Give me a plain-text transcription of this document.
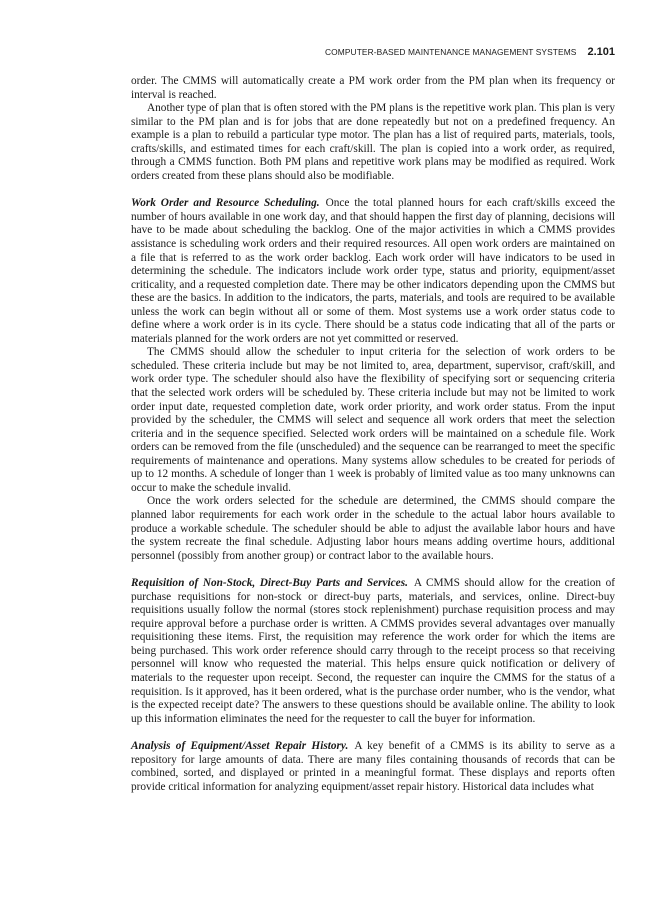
COMPUTER-BASED MAINTENANCE MANAGEMENT SYSTEMS 2.101

order. The CMMS will automatically create a PM work order from the PM plan when its frequency or interval is reached.

Another type of plan that is often stored with the PM plans is the repetitive work plan. This plan is very similar to the PM plan and is for jobs that are done repeatedly but not on a predefined frequency. An example is a plan to rebuild a particular type motor. The plan has a list of required parts, materials, tools, crafts/skills, and estimated times for each craft/skill. The plan is copied into a work order, as required, through a CMMS function. Both PM plans and repetitive work plans may be modified as required. Work orders created from these plans should also be modifiable.

Work Order and Resource Scheduling. Once the total planned hours for each craft/skills exceed the number of hours available in one work day, and that should happen the first day of planning, decisions will have to be made about scheduling the backlog. One of the major activities in which a CMMS provides assistance is scheduling work orders and their required resources. All open work orders are maintained on a file that is referred to as the work order backlog. Each work order will have indicators to be used in determining the schedule. The indicators include work order type, status and priority, equipment/asset criticality, and a requested completion date. There may be other indicators depending upon the CMMS but these are the basics. In addition to the indicators, the parts, materials, and tools are required to be available unless the work can begin without all or some of them. Most systems use a work order status code to define where a work order is in its cycle. There should be a status code indicating that all of the parts or materials planned for the work orders are not yet committed or reserved.

The CMMS should allow the scheduler to input criteria for the selection of work orders to be scheduled. These criteria include but may be not limited to, area, department, supervisor, craft/skill, and work order type. The scheduler should also have the flexibility of specifying sort or sequencing criteria that the selected work orders will be scheduled by. These criteria include but may not be limited to work order input date, requested completion date, work order priority, and work order status. From the input provided by the scheduler, the CMMS will select and sequence all work orders that meet the selection criteria and in the sequence specified. Selected work orders will be maintained on a schedule file. Work orders can be removed from the file (unscheduled) and the sequence can be rearranged to meet the specific requirements of maintenance and operations. Many systems allow schedules to be created for periods of up to 12 months. A schedule of longer than 1 week is probably of limited value as too many unknowns can occur to make the schedule invalid.

Once the work orders selected for the schedule are determined, the CMMS should compare the planned labor requirements for each work order in the schedule to the actual labor hours available to produce a workable schedule. The scheduler should be able to adjust the available labor hours and have the system recreate the final schedule. Adjusting labor hours means adding overtime hours, additional personnel (possibly from another group) or contract labor to the available hours.

Requisition of Non-Stock, Direct-Buy Parts and Services. A CMMS should allow for the creation of purchase requisitions for non-stock or direct-buy parts, materials, and services, online. Direct-buy requisitions usually follow the normal (stores stock replenishment) purchase requisition process and may require approval before a purchase order is written. A CMMS provides several advantages over manually requisitioning these items. First, the requisition may reference the work order for which the items are being purchased. This work order reference should carry through to the receipt process so that receiving personnel will know who requested the material. This helps ensure quick notification or delivery of materials to the requester upon receipt. Second, the requester can inquire the CMMS for the status of a requisition. Is it approved, has it been ordered, what is the purchase order number, who is the vendor, what is the expected receipt date? The answers to these questions should be available online. The ability to look up this information eliminates the need for the requester to call the buyer for information.

Analysis of Equipment/Asset Repair History. A key benefit of a CMMS is its ability to serve as a repository for large amounts of data. There are many files containing thousands of records that can be combined, sorted, and displayed or printed in a meaningful format. These displays and reports often provide critical information for analyzing equipment/asset repair history. Historical data includes what
